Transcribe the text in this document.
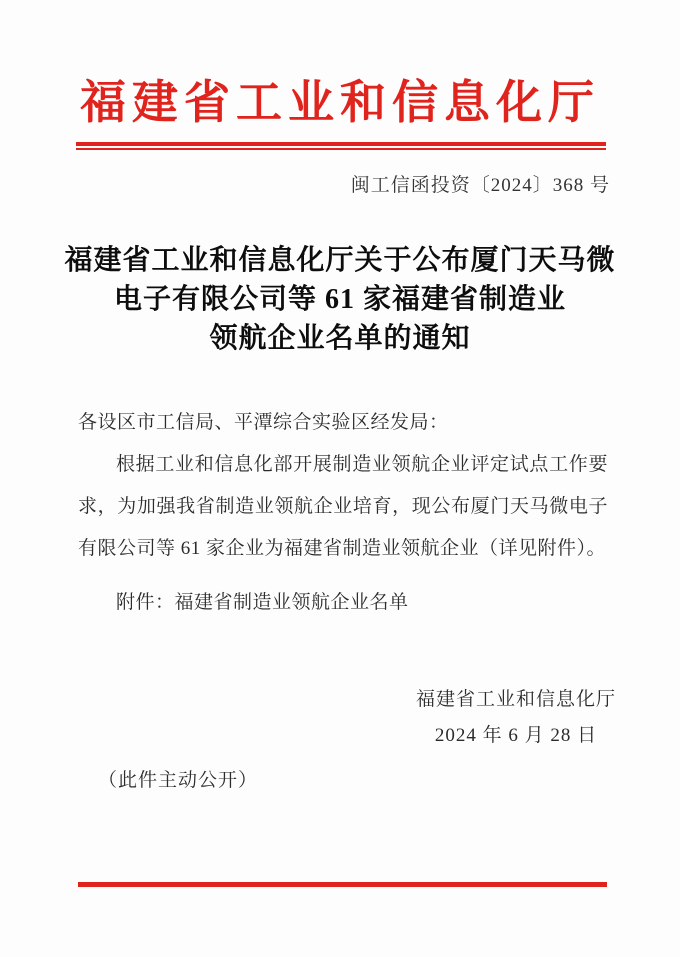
福建省工业和信息化厅
闽工信函投资〔2024〕368 号
福建省工业和信息化厅关于公布厦门天马微
电子有限公司等 61 家福建省制造业
领航企业名单的通知
各设区市工信局、平潭综合实验区经发局：
根据工业和信息化部开展制造业领航企业评定试点工作要求，为加强我省制造业领航企业培育，现公布厦门天马微电子有限公司等 61 家企业为福建省制造业领航企业（详见附件）。
附件：福建省制造业领航企业名单
福建省工业和信息化厅
2024 年 6 月 28 日
（此件主动公开）
